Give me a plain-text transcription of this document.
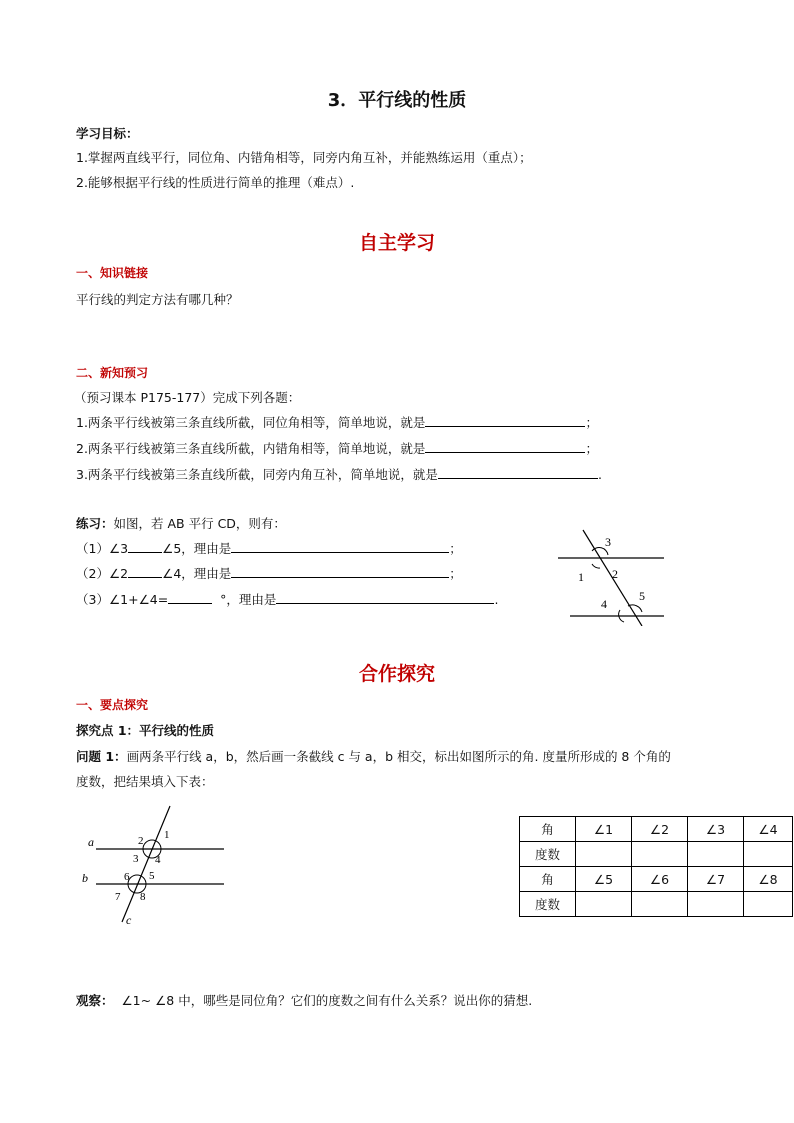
3．平行线的性质
学习目标：
1.掌握两直线平行，同位角、内错角相等，同旁内角互补，并能熟练运用（重点）；
2.能够根据平行线的性质进行简单的推理（难点）.
自主学习
一、知识链接
平行线的判定方法有哪几种？
二、新知预习
（预习课本 P175-177）完成下列各题：
1.两条平行线被第三条直线所截，同位角相等，简单地说，就是	；
2.两条平行线被第三条直线所截，内错角相等，简单地说，就是	；
3.两条平行线被第三条直线所截，同旁内角互补，简单地说，就是	.
练习：如图，若 AB 平行 CD，则有：
（1）∠3	∠5，理由是	；
（2）∠2	∠4，理由是	；
（3）∠1+∠4=	°，理由是	.
3
1 2
4
5
合作探究
一、要点探究
探究点 1：平行线的性质
问题 1：画两条平行线 a，b，然后画一条截线 c 与 a，b 相交，标出如图所示的角. 度量所形成的 8 个角的
度数，把结果填入下表：
a
b
c
2 1
3 4
6 5
7 8
角	∠1	∠2	∠3	∠4
度数				
角	∠5	∠6	∠7	∠8
度数				
观察： ∠1~ ∠8 中，哪些是同位角？它们的度数之间有什么关系？说出你的猜想.
